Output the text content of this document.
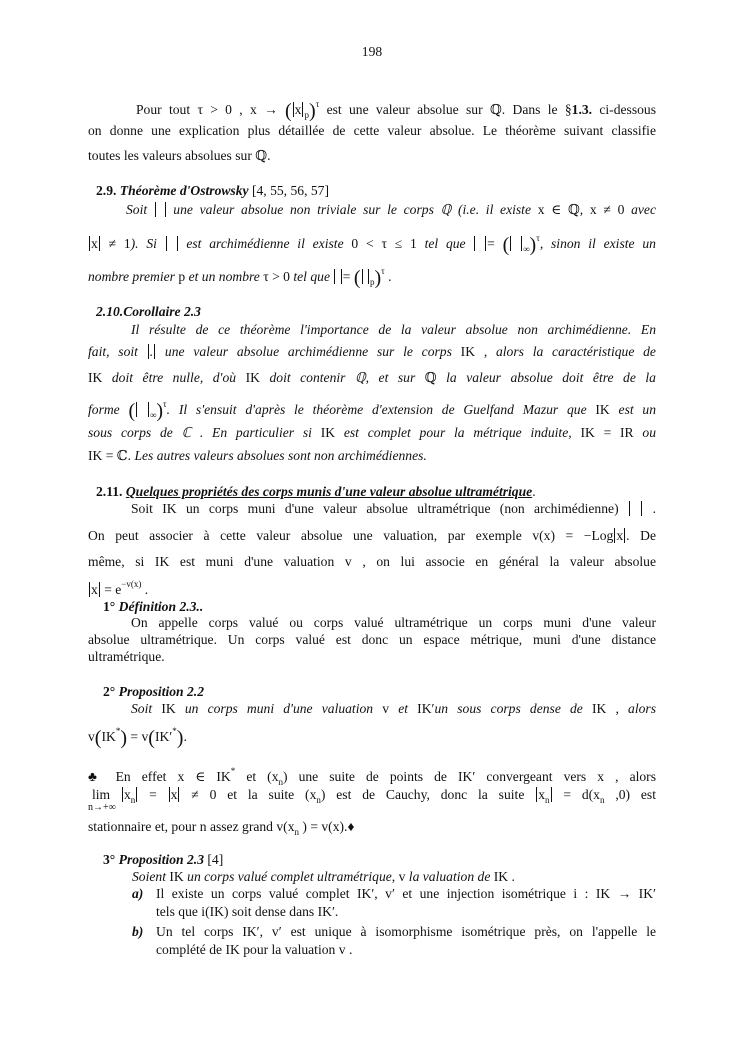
198
Pour tout τ > 0 , x → ( x $_p$)$^\tau$ est une valeur absolue sur ℚ. Dans le §1.3. ci-dessous
on donne une explication plus détaillée de cette valeur absolue. Le théorème suivant classifie
toutes les valeurs absolues sur ℚ.
2.9. Théorème d'Ostrowsky [4, 55, 56, 57]
Soit une valeur absolue non triviale sur le corps ℚ (i.e. il existe x ∈ ℚ, x ≠ 0 avec
x ≠ 1). Si est archimédienne il existe 0 < τ ≤ 1 tel que = ( $_\infty$)$^\tau$, sinon il existe un
nombre premier p et un nombre τ > 0 tel que = ( $_p$)$^\tau$ .
2.10.Corollaire 2.3
Il résulte de ce théorème l'importance de la valeur absolue non archimédienne. En
fait, soit . une valeur absolue archimédienne sur le corps IK , alors la caractéristique de
IK doit être nulle, d'où IK doit contenir ℚ, et sur ℚ la valeur absolue doit être de la
forme ( $_\infty$)$^\tau$. Il s'ensuit d'après le théorème d'extension de Guelfand Mazur que IK est un
sous corps de ℂ . En particulier si IK est complet pour la métrique induite, IK = IR ou
IK = ℂ. Les autres valeurs absolues sont non archimédiennes.
2.11. Quelques propriétés des corps munis d'une valeur absolue ultramétrique.
Soit IK un corps muni d'une valeur absolue ultramétrique (non archimédienne)   .
On peut associer à cette valeur absolue une valuation, par exemple v(x) = −Log x . De
même, si IK est muni d'une valuation v , on lui associe en général la valeur absolue
$x = e^{-v(x)}$ .
1° Définition 2.3..
On appelle corps valué ou corps valué ultramétrique un corps muni d'une valeur
absolue ultramétrique. Un corps valué est donc un espace métrique, muni d'une distance
ultramétrique.
2° Proposition 2.2
Soit IK un corps muni d'une valuation v et IK′un sous corps dense de IK , alors
v(IK*) = v(IK′*).
♣ En effet x ∈ IK* et $(x_n)$ une suite de points de IK′ convergeant vers x , alors
$\lim x_n = x \ne 0$ et la suite $(x_n)$ est de Cauchy, donc la suite $x_n = d(x_n$ ,0) est
n→+∞
stationnaire et, pour n assez grand $v(x_n$ ) = v(x).♦
3° Proposition 2.3 [4]
Soient IK un corps valué complet ultramétrique, v la valuation de IK .
a) Il existe un corps valué complet IK′, v′ et une injection isométrique i : IK → IK′
tels que i(IK) soit dense dans IK′.
b) Un tel corps IK′, v′ est unique à isomorphisme isométrique près, on l'appelle le
complété de IK pour la valuation v .
